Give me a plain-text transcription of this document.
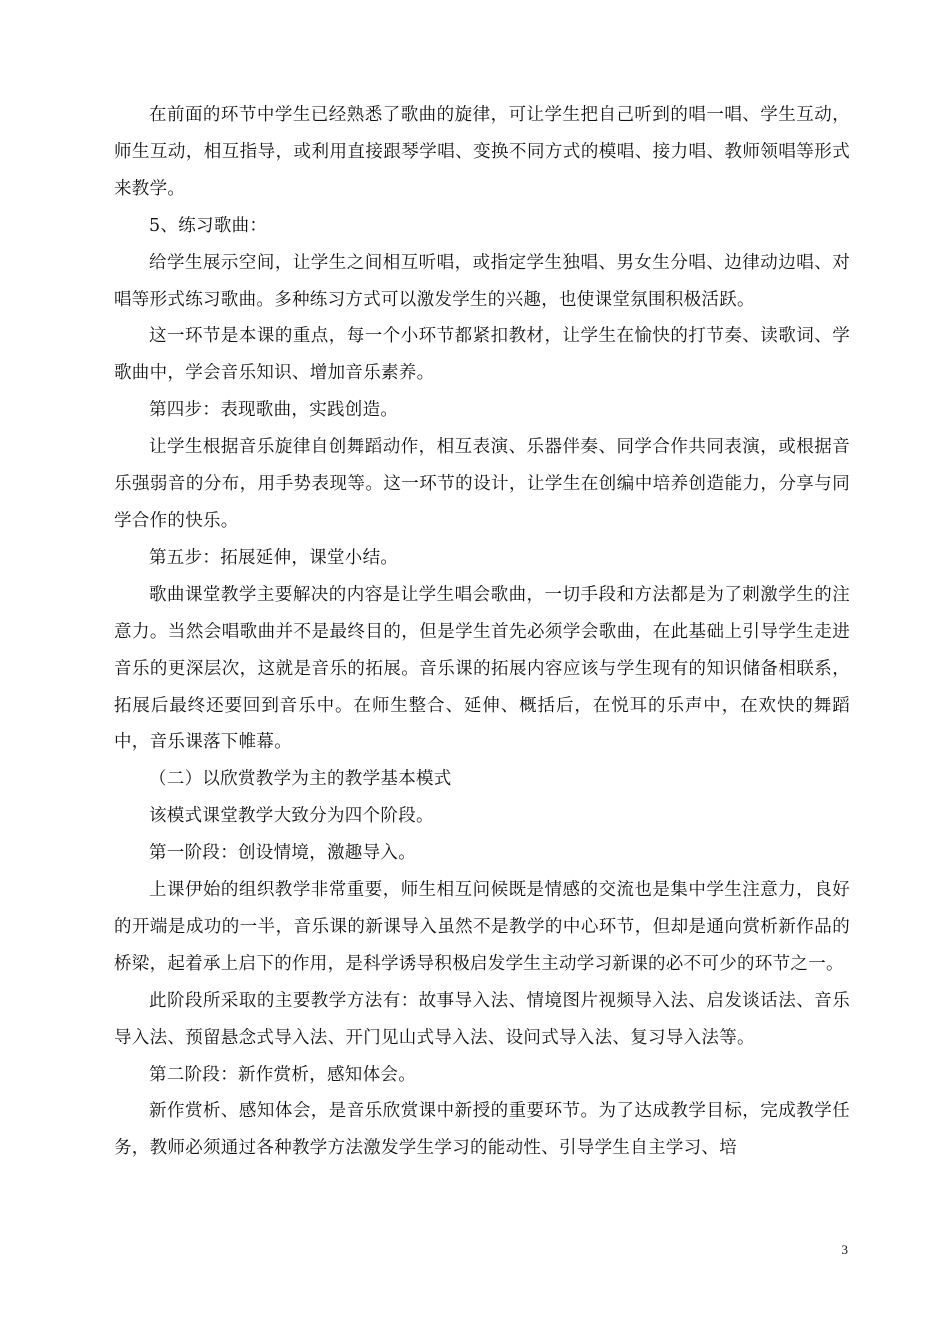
在前面的环节中学生已经熟悉了歌曲的旋律，可让学生把自己听到的唱一唱、学生互动，师生互动，相互指导，或利用直接跟琴学唱、变换不同方式的模唱、接力唱、教师领唱等形式来教学。

5、练习歌曲：

给学生展示空间，让学生之间相互听唱，或指定学生独唱、男女生分唱、边律动边唱、对唱等形式练习歌曲。多种练习方式可以激发学生的兴趣，也使课堂氛围积极活跃。

这一环节是本课的重点，每一个小环节都紧扣教材，让学生在愉快的打节奏、读歌词、学歌曲中，学会音乐知识、增加音乐素养。

第四步：表现歌曲，实践创造。

让学生根据音乐旋律自创舞蹈动作，相互表演、乐器伴奏、同学合作共同表演，或根据音乐强弱音的分布，用手势表现等。这一环节的设计，让学生在创编中培养创造能力，分享与同学合作的快乐。

第五步：拓展延伸，课堂小结。

歌曲课堂教学主要解决的内容是让学生唱会歌曲，一切手段和方法都是为了刺激学生的注意力。当然会唱歌曲并不是最终目的，但是学生首先必须学会歌曲，在此基础上引导学生走进音乐的更深层次，这就是音乐的拓展。音乐课的拓展内容应该与学生现有的知识储备相联系，拓展后最终还要回到音乐中。在师生整合、延伸、概括后，在悦耳的乐声中，在欢快的舞蹈中，音乐课落下帷幕。

（二）以欣赏教学为主的教学基本模式

该模式课堂教学大致分为四个阶段。

第一阶段：创设情境，激趣导入。

上课伊始的组织教学非常重要，师生相互问候既是情感的交流也是集中学生注意力，良好的开端是成功的一半，音乐课的新课导入虽然不是教学的中心环节，但却是通向赏析新作品的桥梁，起着承上启下的作用，是科学诱导积极启发学生主动学习新课的必不可少的环节之一。

此阶段所采取的主要教学方法有：故事导入法、情境图片视频导入法、启发谈话法、音乐导入法、预留悬念式导入法、开门见山式导入法、设问式导入法、复习导入法等。

第二阶段：新作赏析，感知体会。

新作赏析、感知体会，是音乐欣赏课中新授的重要环节。为了达成教学目标，完成教学任务，教师必须通过各种教学方法激发学生学习的能动性、引导学生自主学习、培

3
